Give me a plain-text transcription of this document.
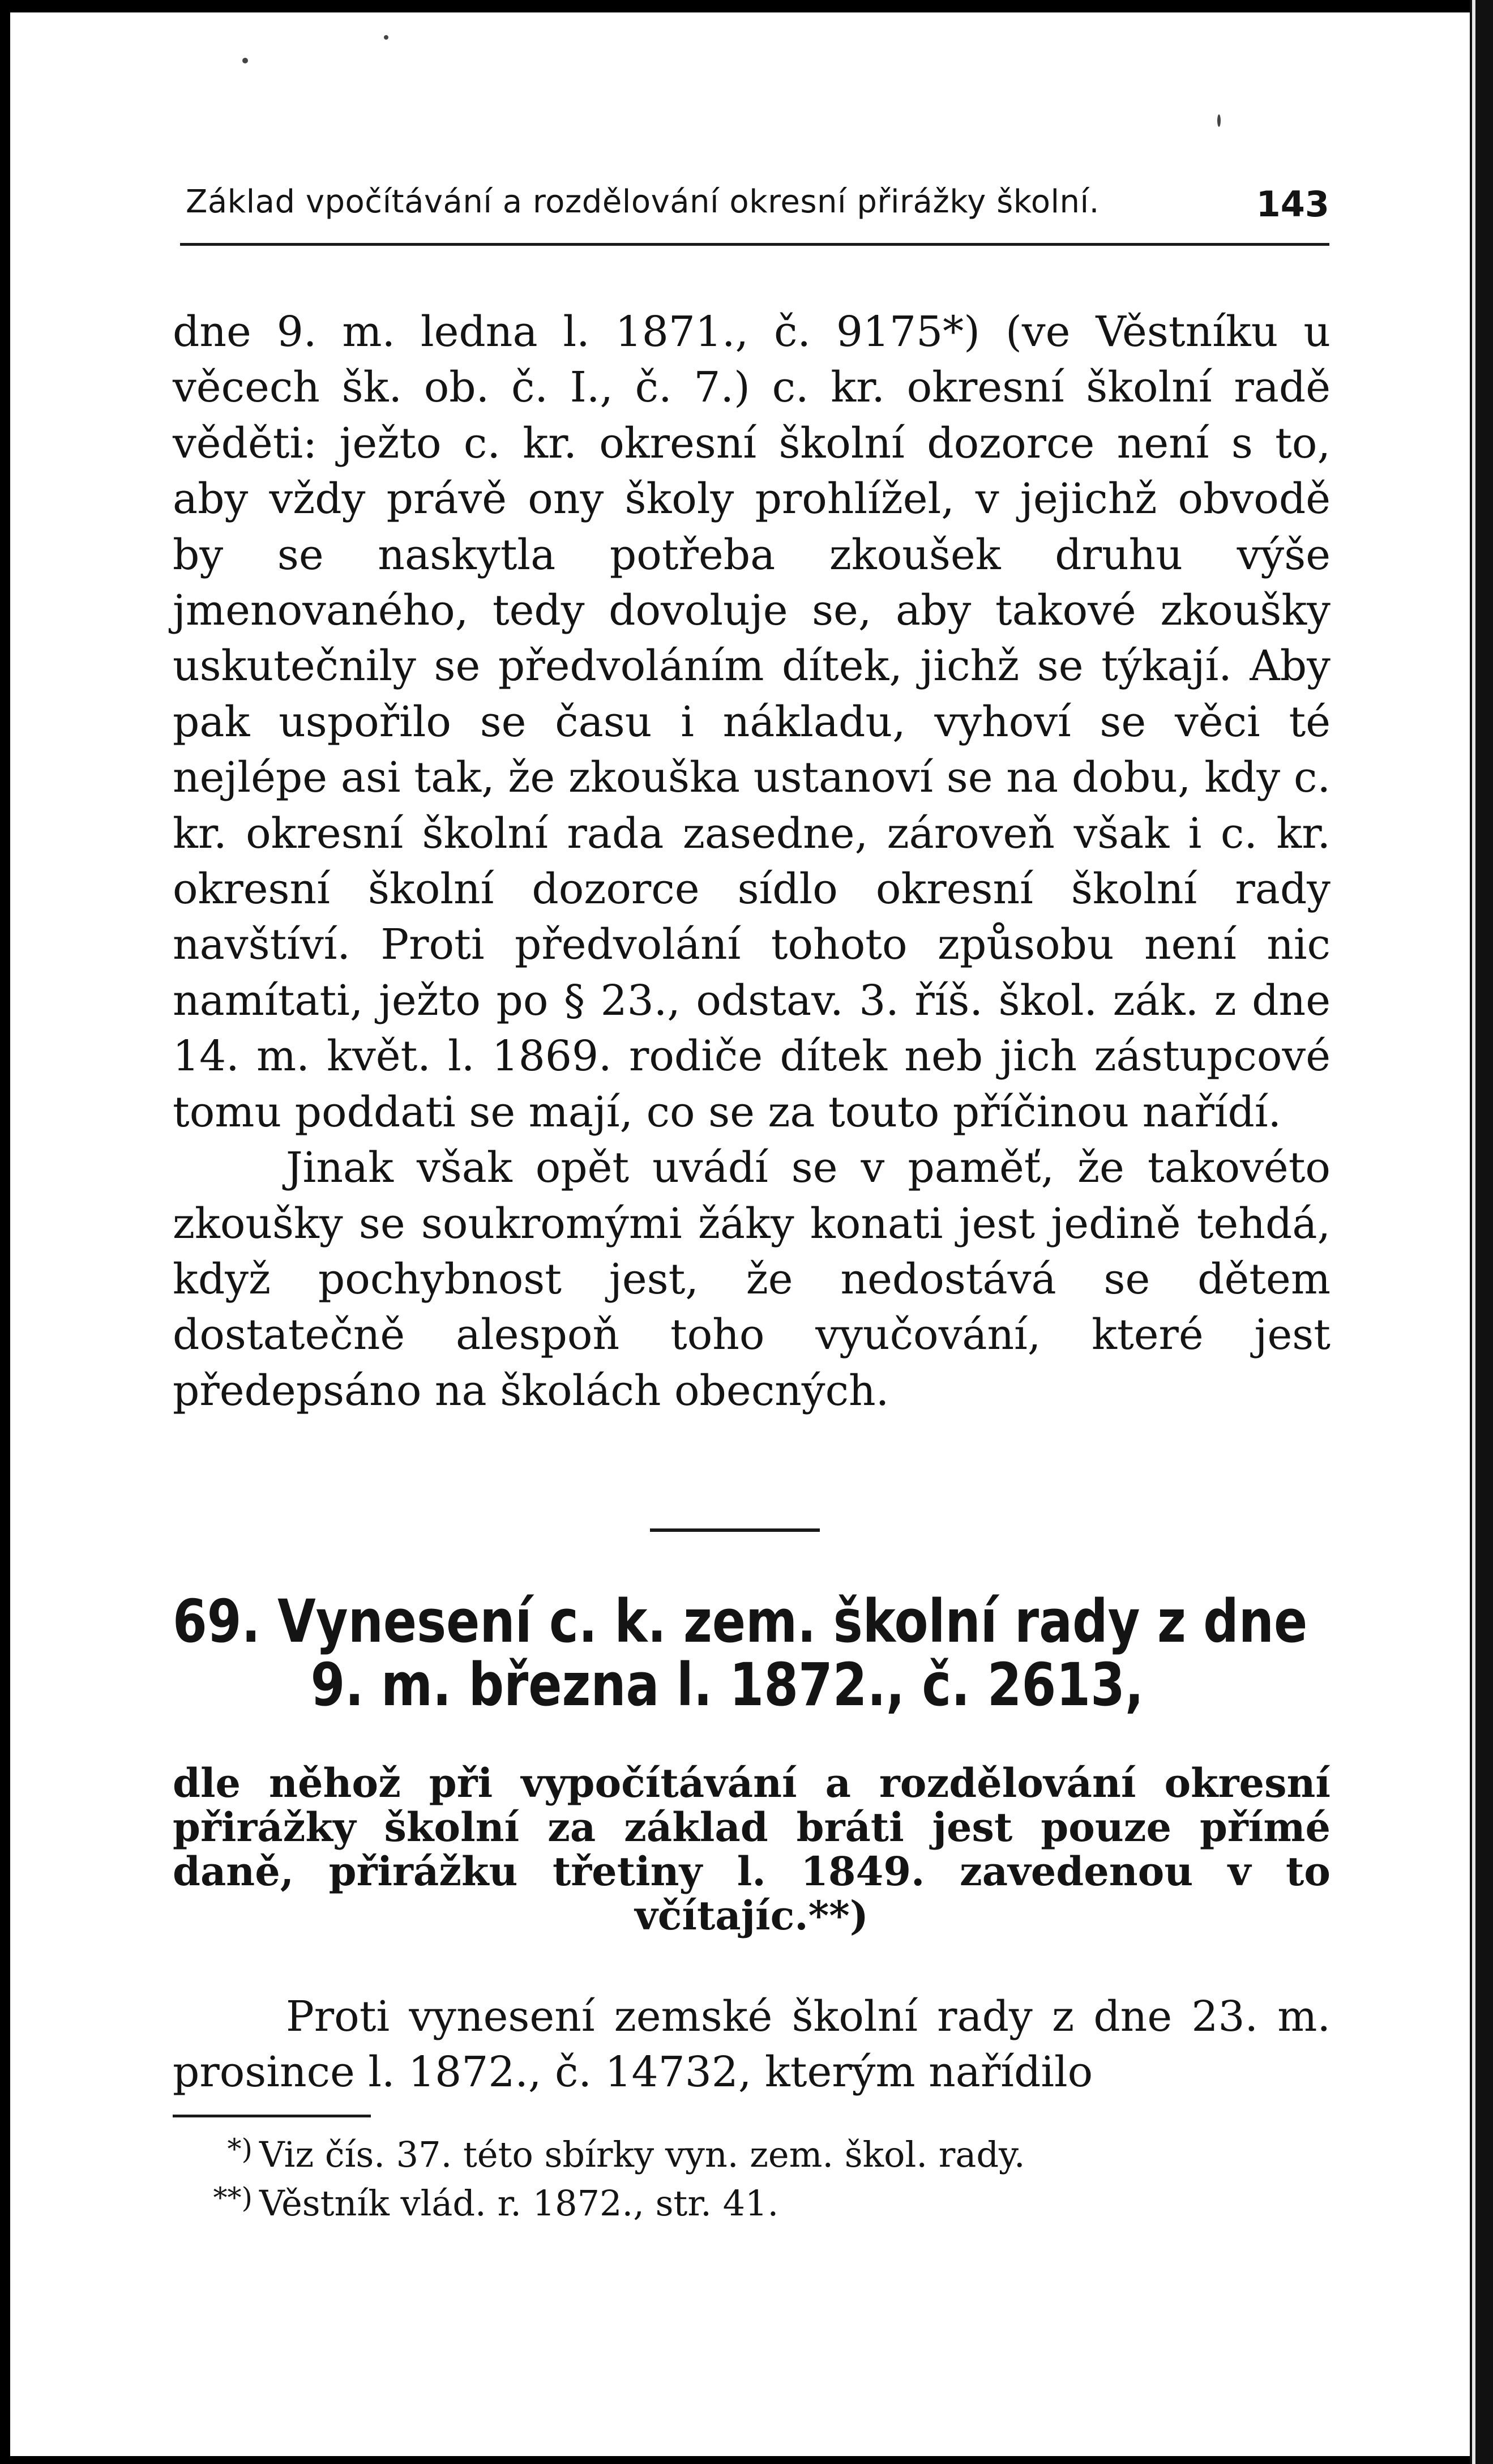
Základ vpočítávání a rozdělování okresní přirážky školní.	143

dne 9. m. ledna l. 1871., č. 9175*) (ve Věstníku u věcech šk. ob. č. I., č. 7.) c. kr. okresní školní radě věděti: ježto c. kr. okresní školní dozorce není s to, aby vždy právě ony školy prohlížel, v jejichž obvodě by se naskytla potřeba zkoušek druhu výše jmenovaného, tedy dovoluje se, aby takové zkoušky uskutečnily se předvoláním dítek, jichž se týkají. Aby pak uspořilo se času i nákladu, vyhoví se věci té nejlépe asi tak, že zkouška ustanoví se na dobu, kdy c. kr. okresní školní rada zasedne, zároveň však i c. kr. okresní školní dozorce sídlo okresní školní rady navštíví. Proti předvolání tohoto způsobu není nic namítati, ježto po § 23., odstav. 3. říš. škol. zák. z dne 14. m. květ. l. 1869. rodiče dítek neb jich zástupcové tomu poddati se mají, co se za touto příčinou nařídí.

Jinak však opět uvádí se v paměť, že takovéto zkoušky se soukromými žáky konati jest jedině tehdá, když pochybnost jest, že nedostává se dětem dostatečně alespoň toho vyučování, které jest předepsáno na školách obecných.

69. Vynesení c. k. zem. školní rady z dne
9. m. března l. 1872., č. 2613,
dle něhož při vypočítávání a rozdělování okresní přirážky školní za základ bráti jest pouze přímé daně, přirážku třetiny l. 1849. zavedenou v to včítajíc.**)

Proti vynesení zemské školní rady z dne 23. m. prosince l. 1872., č. 14732, kterým nařídilo

*) Viz čís. 37. této sbírky vyn. zem. škol. rady.
**) Věstník vlád. r. 1872., str. 41.
